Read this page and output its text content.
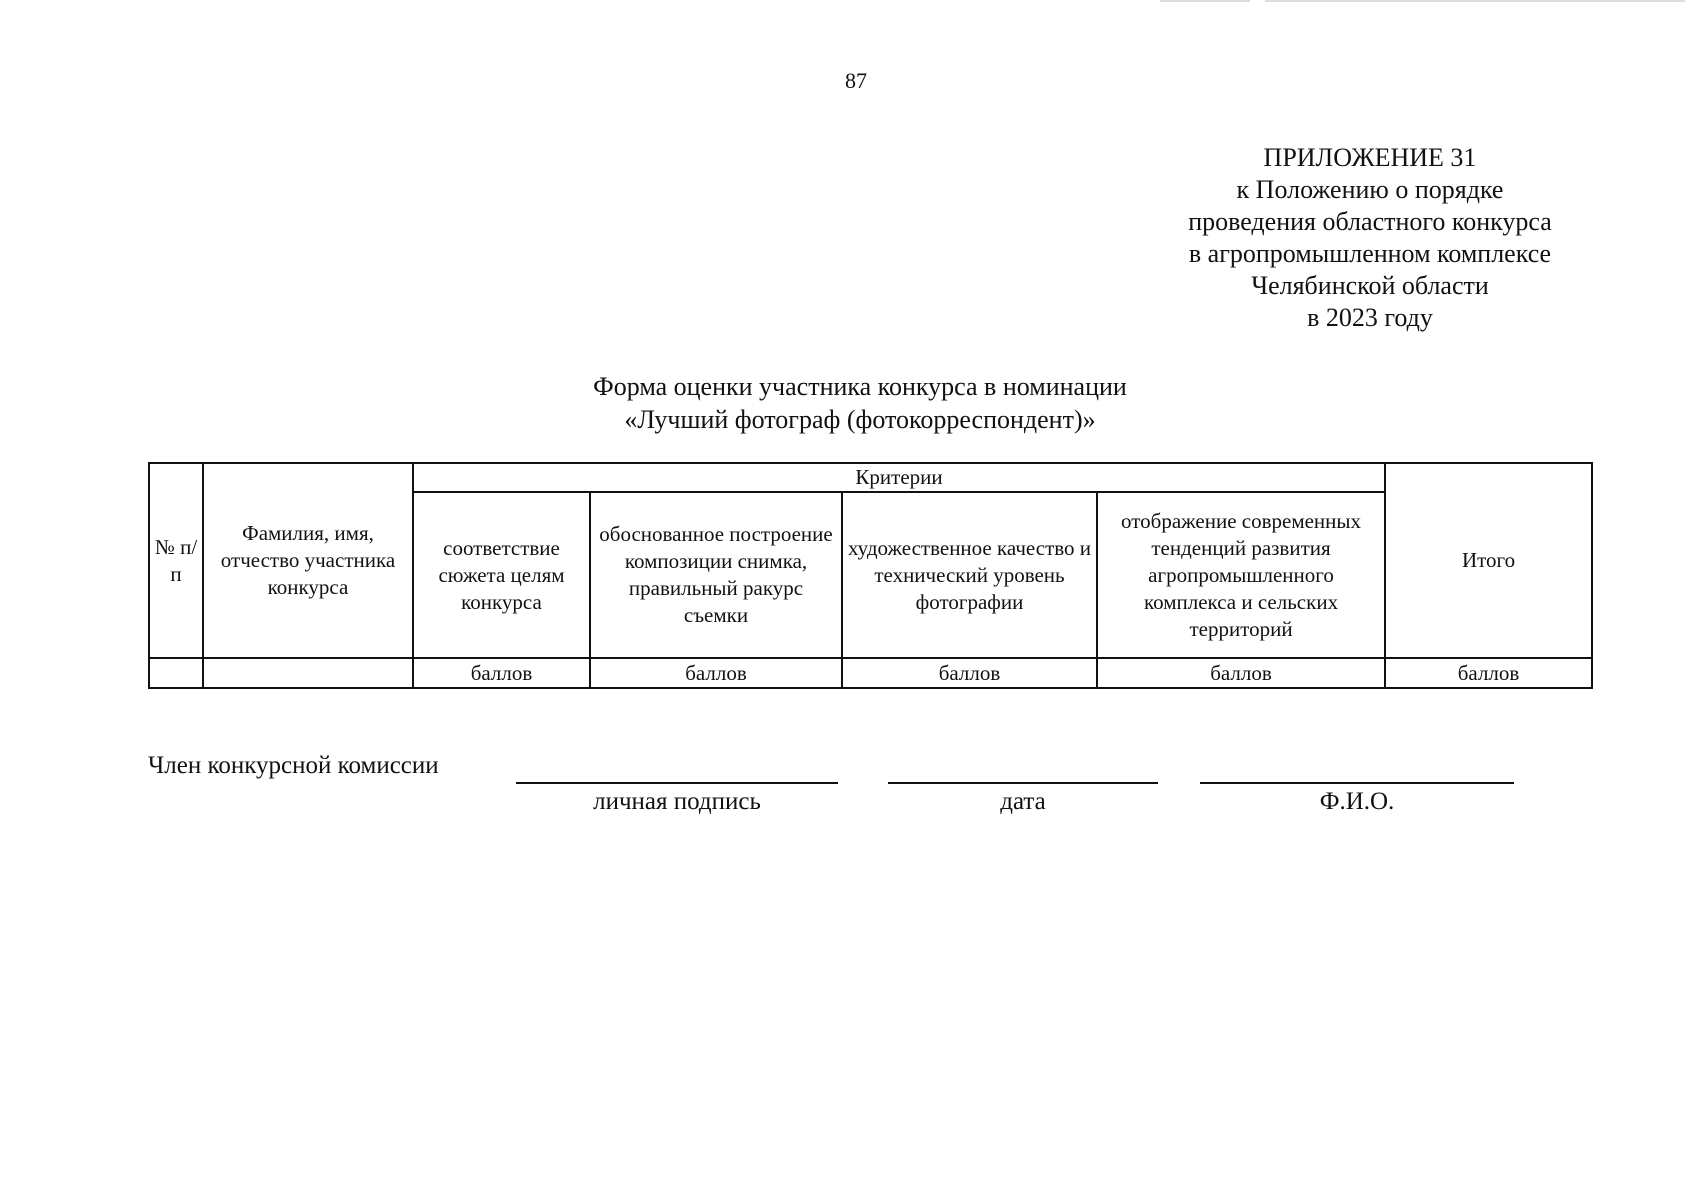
87
ПРИЛОЖЕНИЕ 31
к Положению о порядке
проведения областного конкурса
в агропромышленном комплексе
Челябинской области
в 2023 году
Форма оценки участника конкурса в номинации
«Лучший фотограф (фотокорреспондент)»
№ п/п	Фамилия, имя, отчество участника конкурса	Критерии				Итого
		соответствие сюжета целям конкурса	обоснованное построение композиции снимка, правильный ракурс съемки	художественное качество и технический уровень фотографии	отображение современных тенденций развития агропромышленного комплекса и сельских территорий	
		баллов	баллов	баллов	баллов	баллов
Член конкурсной комиссии
личная подпись	дата	Ф.И.О.
